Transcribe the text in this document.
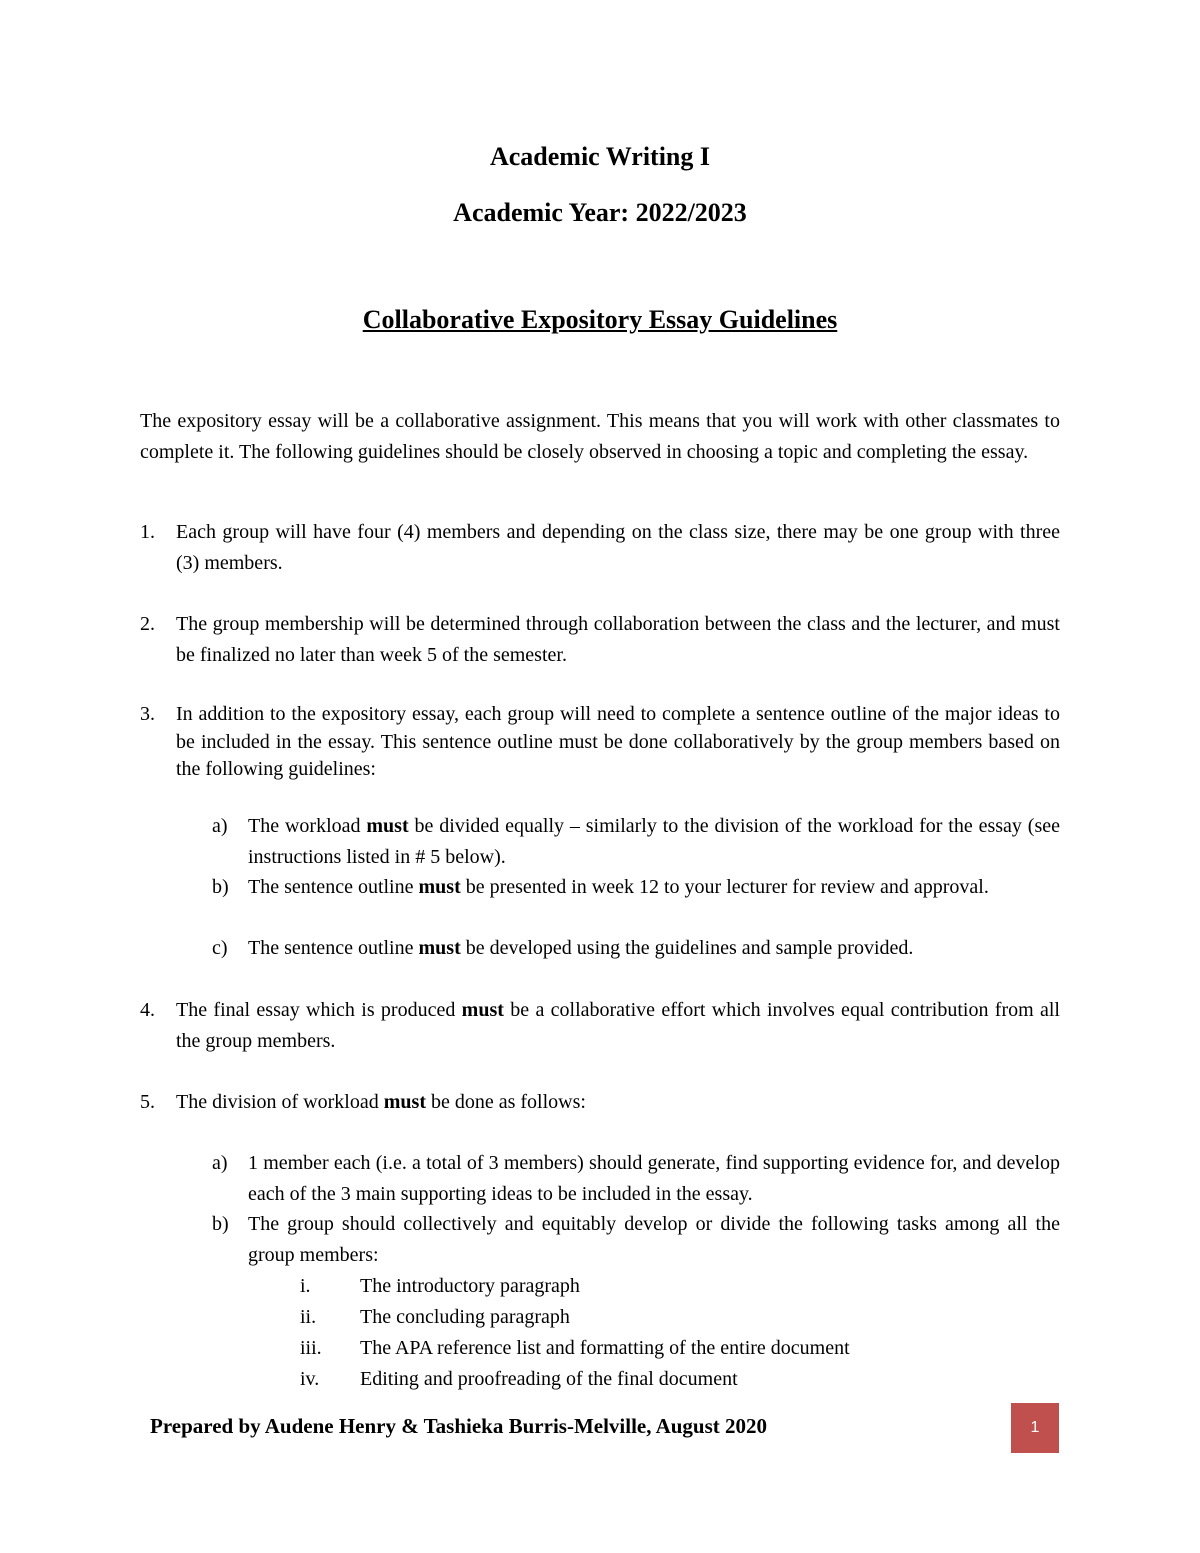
Academic Writing I
Academic Year: 2022/2023
Collaborative Expository Essay Guidelines
The expository essay will be a collaborative assignment. This means that you will work with other classmates to complete it. The following guidelines should be closely observed in choosing a topic and completing the essay.
1.	Each group will have four (4) members and depending on the class size, there may be one group with three (3) members.
2.	The group membership will be determined through collaboration between the class and the lecturer, and must be finalized no later than week 5 of the semester.
3.	In addition to the expository essay, each group will need to complete a sentence outline of the major ideas to be included in the essay. This sentence outline must be done collaboratively by the group members based on the following guidelines:
a)	The workload must be divided equally – similarly to the division of the workload for the essay (see instructions listed in # 5 below).
b) The sentence outline must be presented in week 12 to your lecturer for review and approval.
c)	The sentence outline must be developed using the guidelines and sample provided.
4.	The final essay which is produced must be a collaborative effort which involves equal contribution from all the group members.
5.	The division of workload must be done as follows:
a)	1 member each (i.e. a total of 3 members) should generate, find supporting evidence for, and develop each of the 3 main supporting ideas to be included in the essay.
b) The group should collectively and equitably develop or divide the following tasks among all the group members:
i.	The introductory paragraph
ii.	The concluding paragraph
iii.	The APA reference list and formatting of the entire document
iv.	Editing and proofreading of the final document
Prepared by Audene Henry & Tashieka Burris-Melville, August 2020	1
